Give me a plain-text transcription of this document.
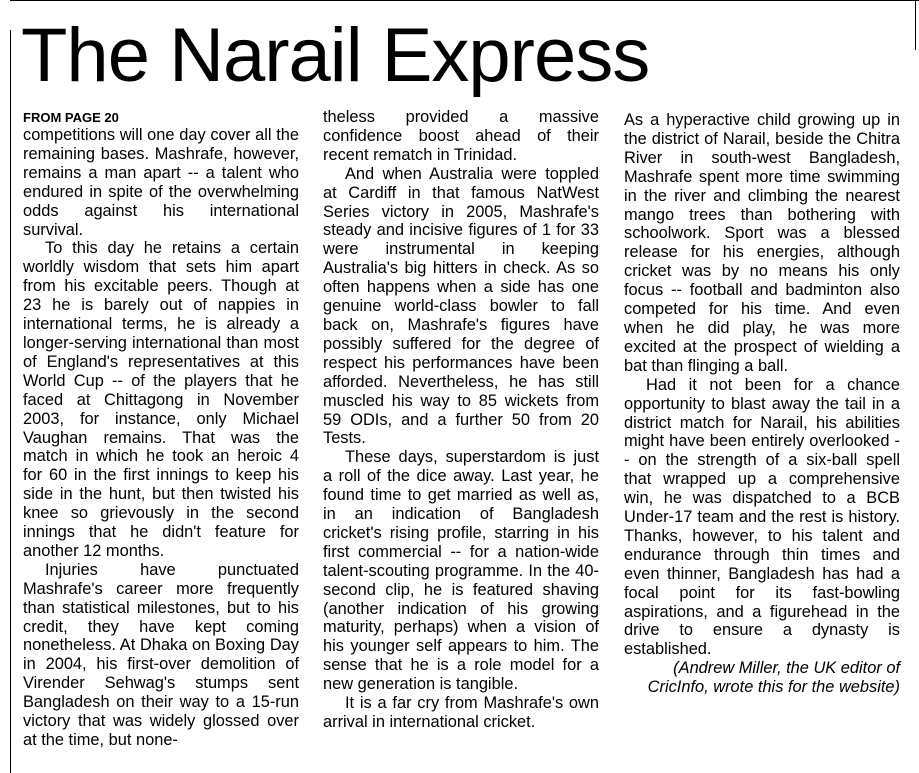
The Narail Express
FROM PAGE 20

competitions will one day cover all the remaining bases. Mashrafe, however, remains a man apart -- a talent who endured in spite of the overwhelming odds against his international survival.

To this day he retains a certain worldly wisdom that sets him apart from his excitable peers. Though at 23 he is barely out of nappies in international terms, he is already a longer-serving international than most of England's representatives at this World Cup -- of the players that he faced at Chittagong in November 2003, for instance, only Michael Vaughan remains. That was the match in which he took an heroic 4 for 60 in the first innings to keep his side in the hunt, but then twisted his knee so grievously in the second innings that he didn't feature for another 12 months.

Injuries have punctuated Mashrafe's career more frequently than statistical milestones, but to his credit, they have kept coming nonetheless. At Dhaka on Boxing Day in 2004, his first-over demolition of Virender Sehwag's stumps sent Bangladesh on their way to a 15-run victory that was widely glossed over at the time, but none-

theless provided a massive confidence boost ahead of their recent rematch in Trinidad.

And when Australia were toppled at Cardiff in that famous NatWest Series victory in 2005, Mashrafe's steady and incisive figures of 1 for 33 were instrumental in keeping Australia's big hitters in check. As so often happens when a side has one genuine world-class bowler to fall back on, Mashrafe's figures have possibly suffered for the degree of respect his performances have been afforded. Nevertheless, he has still muscled his way to 85 wickets from 59 ODIs, and a further 50 from 20 Tests.

These days, superstardom is just a roll of the dice away. Last year, he found time to get married as well as, in an indication of Bangladesh cricket's rising profile, starring in his first commercial -- for a nation-wide talent-scouting programme. In the 40-second clip, he is featured shaving (another indication of his growing maturity, perhaps) when a vision of his younger self appears to him. The sense that he is a role model for a new generation is tangible.

It is a far cry from Mashrafe's own arrival in international cricket.

As a hyperactive child growing up in the district of Narail, beside the Chitra River in south-west Bangladesh, Mashrafe spent more time swimming in the river and climbing the nearest mango trees than bothering with schoolwork. Sport was a blessed release for his energies, although cricket was by no means his only focus -- football and badminton also competed for his time. And even when he did play, he was more excited at the prospect of wielding a bat than flinging a ball.

Had it not been for a chance opportunity to blast away the tail in a district match for Narail, his abilities might have been entirely overlooked -- on the strength of a six-ball spell that wrapped up a comprehensive win, he was dispatched to a BCB Under-17 team and the rest is history. Thanks, however, to his talent and endurance through thin times and even thinner, Bangladesh has had a focal point for its fast-bowling aspirations, and a figurehead in the drive to ensure a dynasty is established.

(Andrew Miller, the UK editor of CricInfo, wrote this for the website)
